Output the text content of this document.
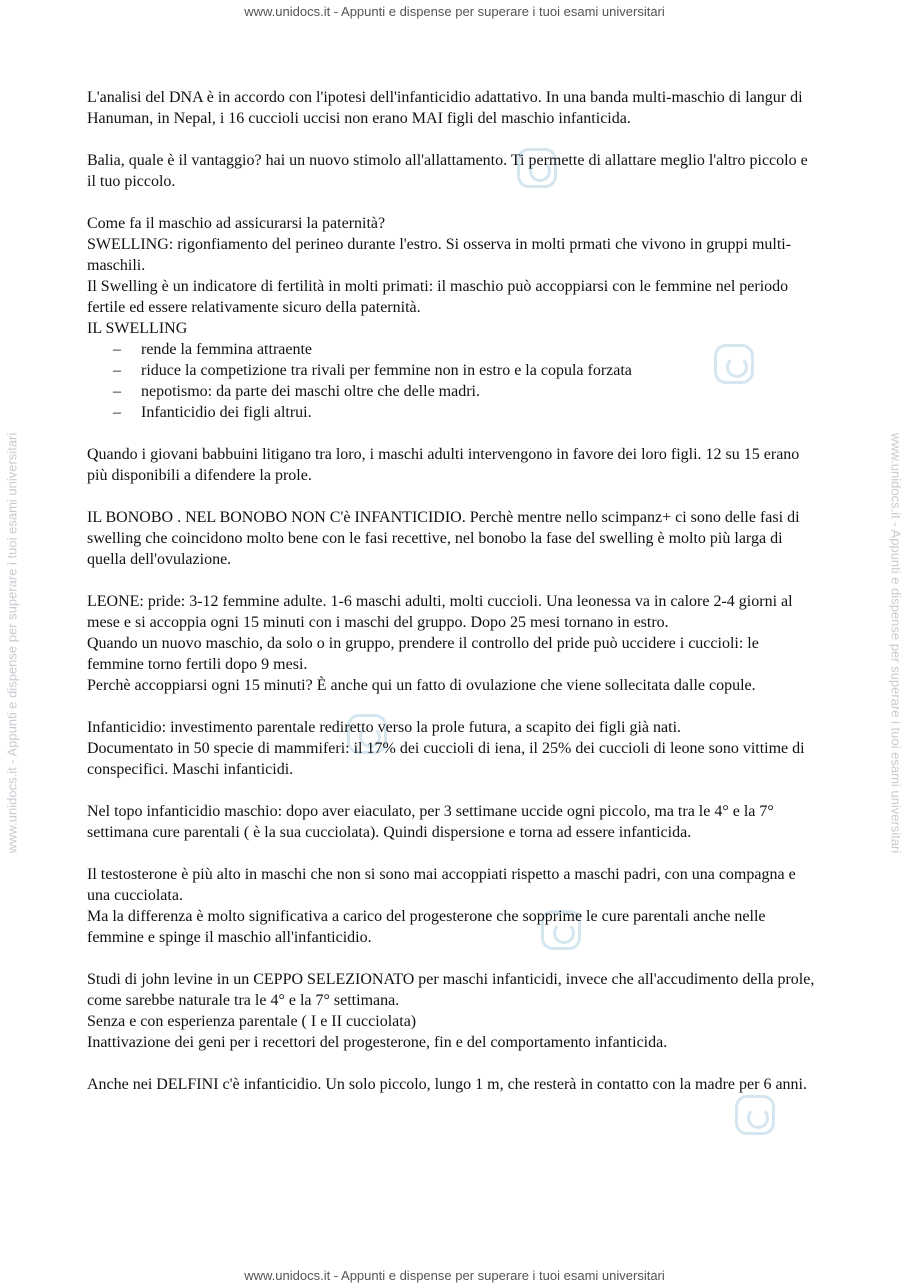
www.unidocs.it - Appunti e dispense per superare i tuoi esami universitari
www.unidocs.it - Appunti e dispense per superare i tuoi esami universitari	www.unidocs.it - Appunti e dispense per superare i tuoi esami universitari

L'analisi del DNA è in accordo con l'ipotesi dell'infanticidio adattativo. In una banda multi-maschio di langur di Hanuman, in Nepal, i 16 cuccioli uccisi non erano MAI figli del maschio infanticida.

Balia, quale è il vantaggio? hai un nuovo stimolo all'allattamento. Ti permette di allattare meglio l'altro piccolo e il tuo piccolo.

Come fa il maschio ad assicurarsi la paternità?

SWELLING: rigonfiamento del perineo durante l'estro. Si osserva in molti prmati che vivono in gruppi multi- maschili.

Il Swelling è un indicatore di fertilità in molti primati: il maschio può accoppiarsi con le femmine nel periodo fertile ed essere relativamente sicuro della paternità.

IL SWELLING

– rende la femmina attraente
– riduce la competizione tra rivali per femmine non in estro e la copula forzata
– nepotismo: da parte dei maschi oltre che delle madri.
– Infanticidio dei figli altrui.

Quando i giovani babbuini litigano tra loro, i maschi adulti intervengono in favore dei loro figli. 12 su 15 erano più disponibili a difendere la prole.

IL BONOBO . NEL BONOBO NON C'è INFANTICIDIO. Perchè mentre nello scimpanz+ ci sono delle fasi di swelling che coincidono molto bene con le fasi recettive, nel bonobo la fase del swelling è molto più larga di quella dell'ovulazione.

LEONE: pride: 3-12 femmine adulte. 1-6 maschi adulti, molti cuccioli. Una leonessa va in calore 2-4 giorni al mese e si accoppia ogni 15 minuti con i maschi del gruppo. Dopo 25 mesi tornano in estro.

Quando un nuovo maschio, da solo o in gruppo, prendere il controllo del pride può uccidere i cuccioli: le femmine torno fertili dopo 9 mesi.

Perchè accoppiarsi ogni 15 minuti? È anche qui un fatto di ovulazione che viene sollecitata dalle copule.

Infanticidio: investimento parentale rediretto verso la prole futura, a scapito dei figli già nati.

Documentato in 50 specie di mammiferi: il 17% dei cuccioli di iena, il 25% dei cuccioli di leone sono vittime di conspecifici. Maschi infanticidi.

Nel topo infanticidio maschio: dopo aver eiaculato, per 3 settimane uccide ogni piccolo, ma tra le 4° e la 7° settimana cure parentali ( è la sua cucciolata). Quindi dispersione e torna ad essere infanticida.

Il testosterone è più alto in maschi che non si sono mai accoppiati rispetto a maschi padri, con una compagna e una cucciolata.

Ma la differenza è molto significativa a carico del progesterone che sopprime le cure parentali anche nelle femmine e spinge il maschio all'infanticidio.

Studi di john levine in un CEPPO SELEZIONATO per maschi infanticidi, invece che all'accudimento della prole, come sarebbe naturale tra le 4° e la 7° settimana.

Senza e con esperienza parentale ( I e II cucciolata)

Inattivazione dei geni per i recettori del progesterone, fin e del comportamento infanticida.

Anche nei DELFINI c'è infanticidio. Un solo piccolo, lungo 1 m, che resterà in contatto con la madre per 6 anni.

www.unidocs.it - Appunti e dispense per superare i tuoi esami universitari
